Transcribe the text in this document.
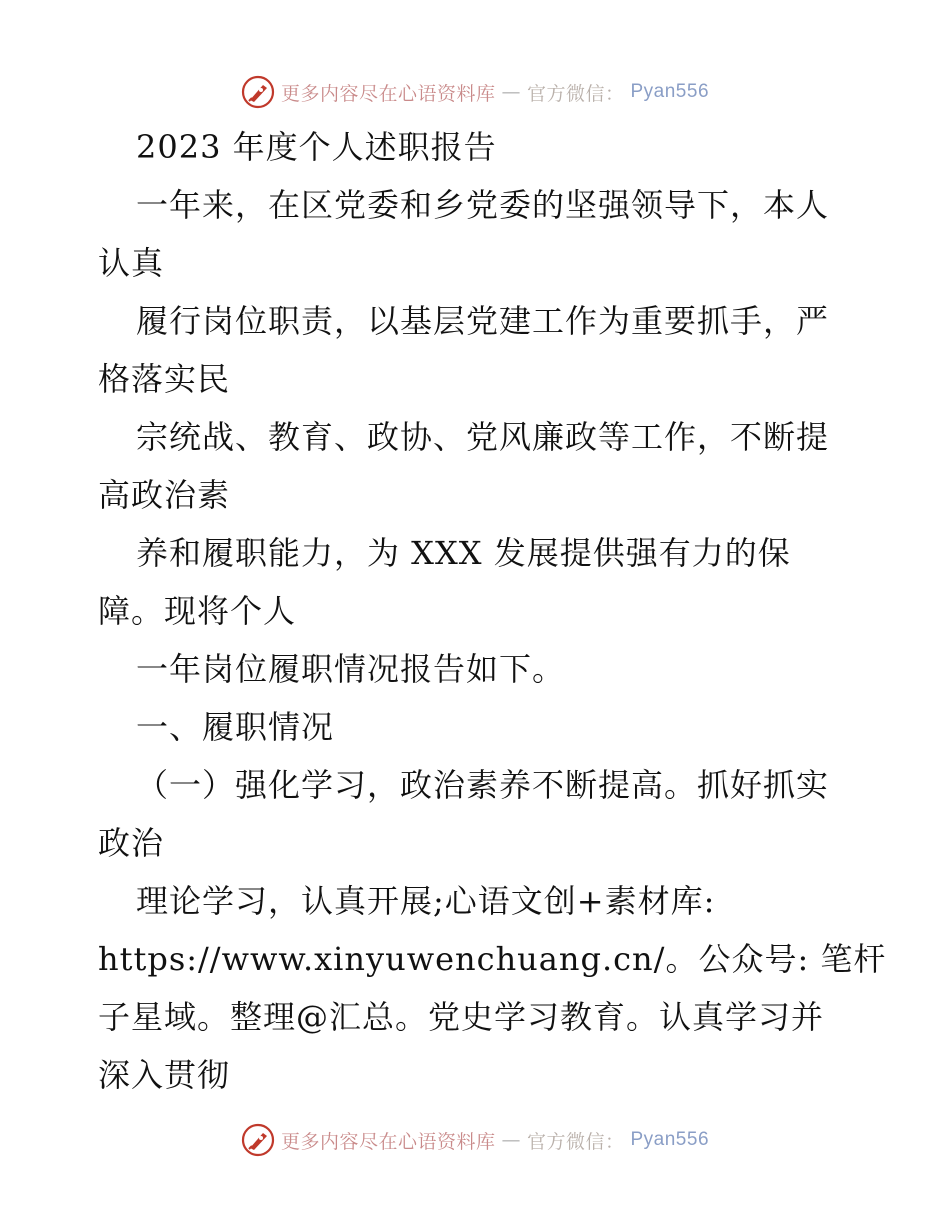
更多内容尽在心语资料库 — 官方微信： Pyan556
2023 年度个人述职报告
一年来，在区党委和乡党委的坚强领导下，本人
认真
履行岗位职责，以基层党建工作为重要抓手，严
格落实民
宗统战、教育、政协、党风廉政等工作，不断提
高政治素
养和履职能力，为 XXX 发展提供强有力的保
障。现将个人
一年岗位履职情况报告如下。
一、履职情况
（一）强化学习，政治素养不断提高。抓好抓实
政治
理论学习，认真开展;心语文创+素材库:
https://www.xinyuwenchuang.cn/。公众号: 笔杆
子星域。整理@汇总。党史学习教育。认真学习并
深入贯彻
更多内容尽在心语资料库 — 官方微信： Pyan556
